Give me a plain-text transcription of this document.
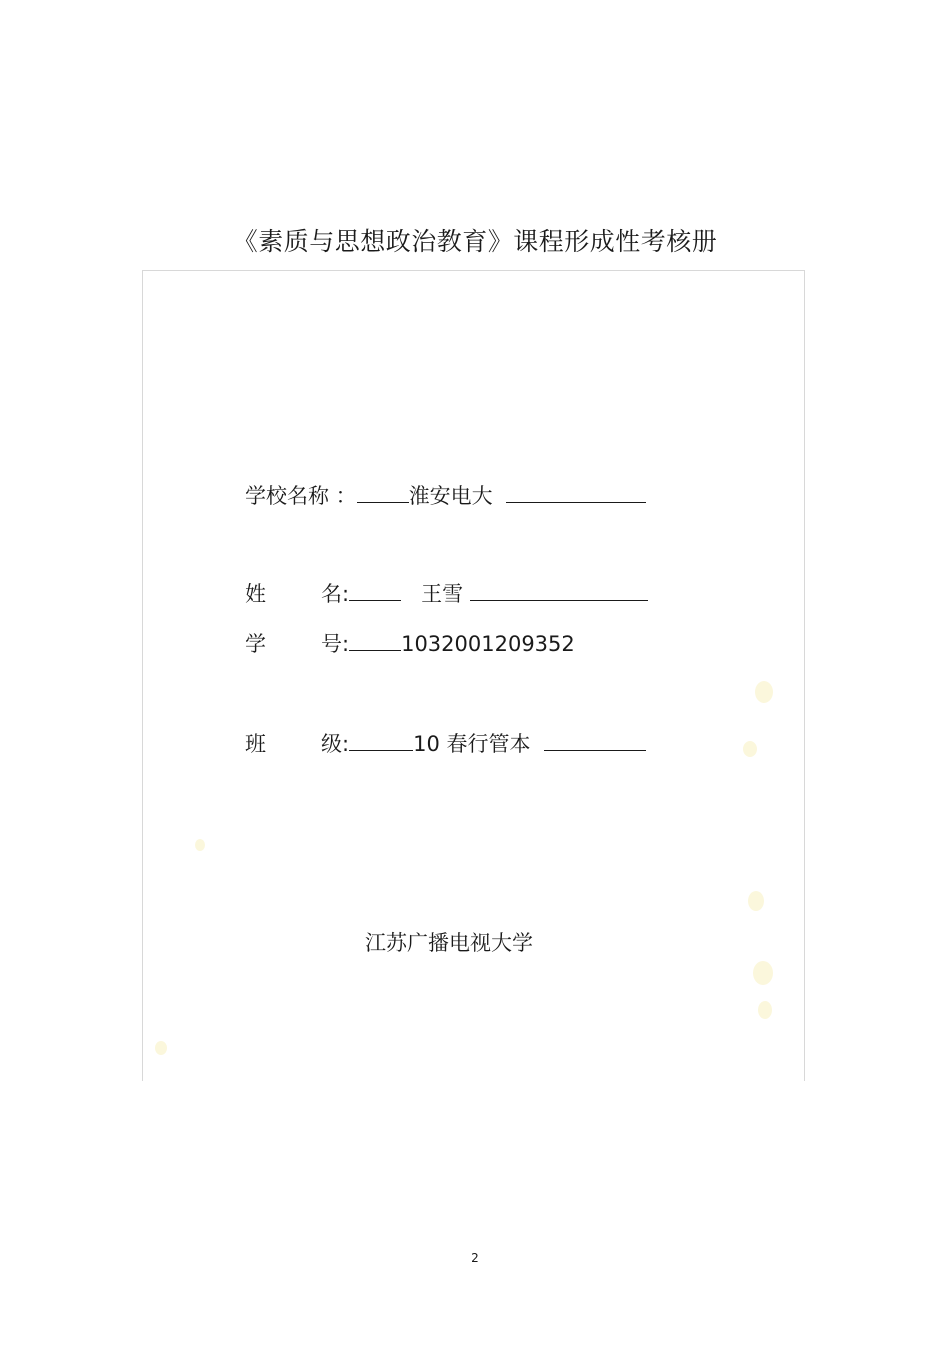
《素质与思想政治教育》课程形成性考核册
学校名称 ： 淮安电大
姓	名:	王雪
学	号: 1032001209352
班	级:	10 春行管本
江苏广播电视大学
2
